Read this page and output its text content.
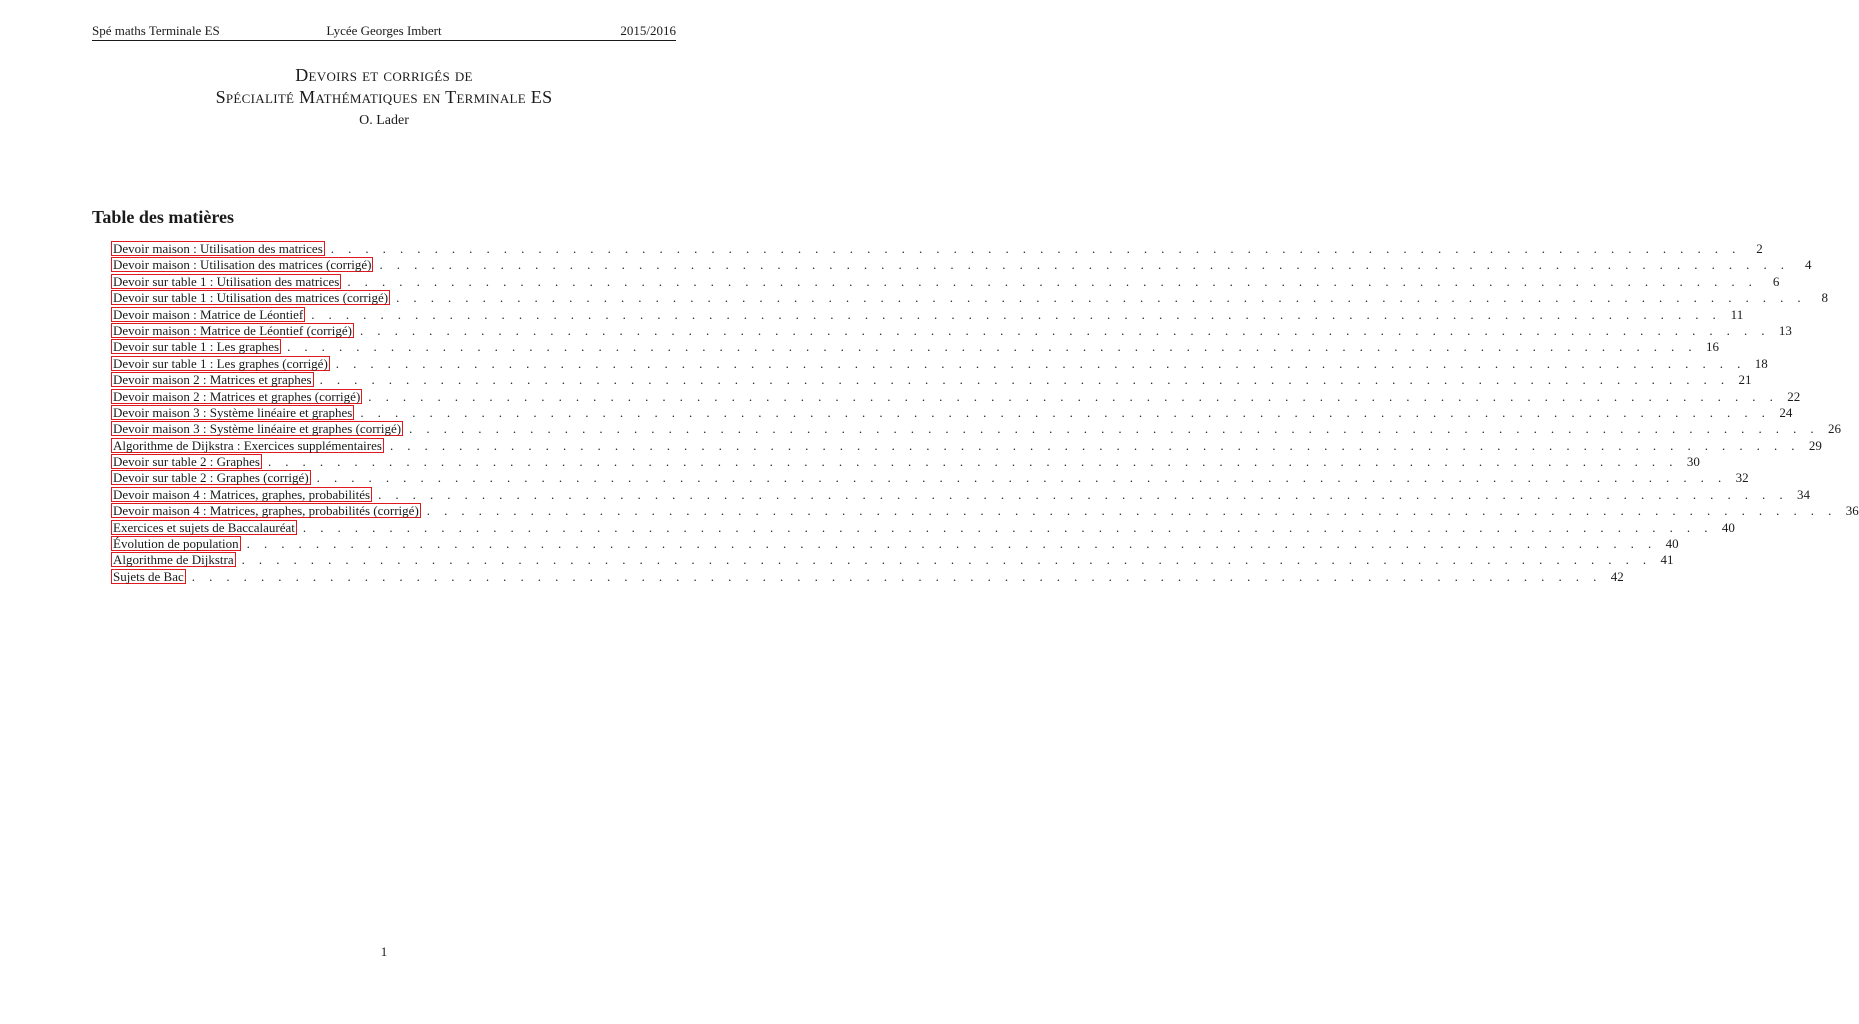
Spé maths Terminale ES	Lycée Georges Imbert	2015/2016

Devoirs et corrigés de

Spécialité Mathématiques en Terminale ES

O. Lader
Table des matières
Devoir maison : Utilisation des matrices . . . . . . . . . . . . . . . . . . . . . . . . . . . . . . . . . . . . . . . . . . . . . . . . . . . . . . . . . . . . . . . . . . . . . . . . . . . . . . . . . .	2
Devoir maison : Utilisation des matrices (corrigé) . . . . . . . . . . . . . . . . . . . . . . . . . . . . . . . . . . . . . . . . . . . . . . . . . . . . . . . . . . . . . . . . . . . . . . . . . . . . . . . . . .	4
Devoir sur table 1 : Utilisation des matrices . . . . . . . . . . . . . . . . . . . . . . . . . . . . . . . . . . . . . . . . . . . . . . . . . . . . . . . . . . . . . . . . . . . . . . . . . . . . . . . . . .	6
Devoir sur table 1 : Utilisation des matrices (corrigé) . . . . . . . . . . . . . . . . . . . . . . . . . . . . . . . . . . . . . . . . . . . . . . . . . . . . . . . . . . . . . . . . . . . . . . . . . . . . . . . . . .	8
Devoir maison : Matrice de Léontief . . . . . . . . . . . . . . . . . . . . . . . . . . . . . . . . . . . . . . . . . . . . . . . . . . . . . . . . . . . . . . . . . . . . . . . . . . . . . . . . . . 11
Devoir maison : Matrice de Léontief (corrigé) . . . . . . . . . . . . . . . . . . . . . . . . . . . . . . . . . . . . . . . . . . . . . . . . . . . . . . . . . . . . . . . . . . . . . . . . . . . . . . . . . . 13
Devoir sur table 1 : Les graphes . . . . . . . . . . . . . . . . . . . . . . . . . . . . . . . . . . . . . . . . . . . . . . . . . . . . . . . . . . . . . . . . . . . . . . . . . . . . . . . . . . 16
Devoir sur table 1 : Les graphes (corrigé) . . . . . . . . . . . . . . . . . . . . . . . . . . . . . . . . . . . . . . . . . . . . . . . . . . . . . . . . . . . . . . . . . . . . . . . . . . . . . . . . . . 18
Devoir maison 2 : Matrices et graphes . . . . . . . . . . . . . . . . . . . . . . . . . . . . . . . . . . . . . . . . . . . . . . . . . . . . . . . . . . . . . . . . . . . . . . . . . . . . . . . . . . 21
Devoir maison 2 : Matrices et graphes (corrigé) . . . . . . . . . . . . . . . . . . . . . . . . . . . . . . . . . . . . . . . . . . . . . . . . . . . . . . . . . . . . . . . . . . . . . . . . . . . . . . . . . . 22
Devoir maison 3 : Système linéaire et graphes . . . . . . . . . . . . . . . . . . . . . . . . . . . . . . . . . . . . . . . . . . . . . . . . . . . . . . . . . . . . . . . . . . . . . . . . . . . . . . . . . . 24
Devoir maison 3 : Système linéaire et graphes (corrigé) . . . . . . . . . . . . . . . . . . . . . . . . . . . . . . . . . . . . . . . . . . . . . . . . . . . . . . . . . . . . . . . . . . . . . . . . . . . . . . . . . . 26
Algorithme de Dijkstra : Exercices supplémentaires . . . . . . . . . . . . . . . . . . . . . . . . . . . . . . . . . . . . . . . . . . . . . . . . . . . . . . . . . . . . . . . . . . . . . . . . . . . . . . . . . . 29
Devoir sur table 2 : Graphes . . . . . . . . . . . . . . . . . . . . . . . . . . . . . . . . . . . . . . . . . . . . . . . . . . . . . . . . . . . . . . . . . . . . . . . . . . . . . . . . . . 30
Devoir sur table 2 : Graphes (corrigé) . . . . . . . . . . . . . . . . . . . . . . . . . . . . . . . . . . . . . . . . . . . . . . . . . . . . . . . . . . . . . . . . . . . . . . . . . . . . . . . . . . 32
Devoir maison 4 : Matrices, graphes, probabilités . . . . . . . . . . . . . . . . . . . . . . . . . . . . . . . . . . . . . . . . . . . . . . . . . . . . . . . . . . . . . . . . . . . . . . . . . . . . . . . . . . 34
Devoir maison 4 : Matrices, graphes, probabilités (corrigé) . . . . . . . . . . . . . . . . . . . . . . . . . . . . . . . . . . . . . . . . . . . . . . . . . . . . . . . . . . . . . . . . . . . . . . . . . . . . . . . . . . 36
Exercices et sujets de Baccalauréat . . . . . . . . . . . . . . . . . . . . . . . . . . . . . . . . . . . . . . . . . . . . . . . . . . . . . . . . . . . . . . . . . . . . . . . . . . . . . . . . . . 40
Évolution de population . . . . . . . . . . . . . . . . . . . . . . . . . . . . . . . . . . . . . . . . . . . . . . . . . . . . . . . . . . . . . . . . . . . . . . . . . . . . . . . . . . 40
Algorithme de Dijkstra . . . . . . . . . . . . . . . . . . . . . . . . . . . . . . . . . . . . . . . . . . . . . . . . . . . . . . . . . . . . . . . . . . . . . . . . . . . . . . . . . . 41
Sujets de Bac . . . . . . . . . . . . . . . . . . . . . . . . . . . . . . . . . . . . . . . . . . . . . . . . . . . . . . . . . . . . . . . . . . . . . . . . . . . . . . . . . . 42
1
